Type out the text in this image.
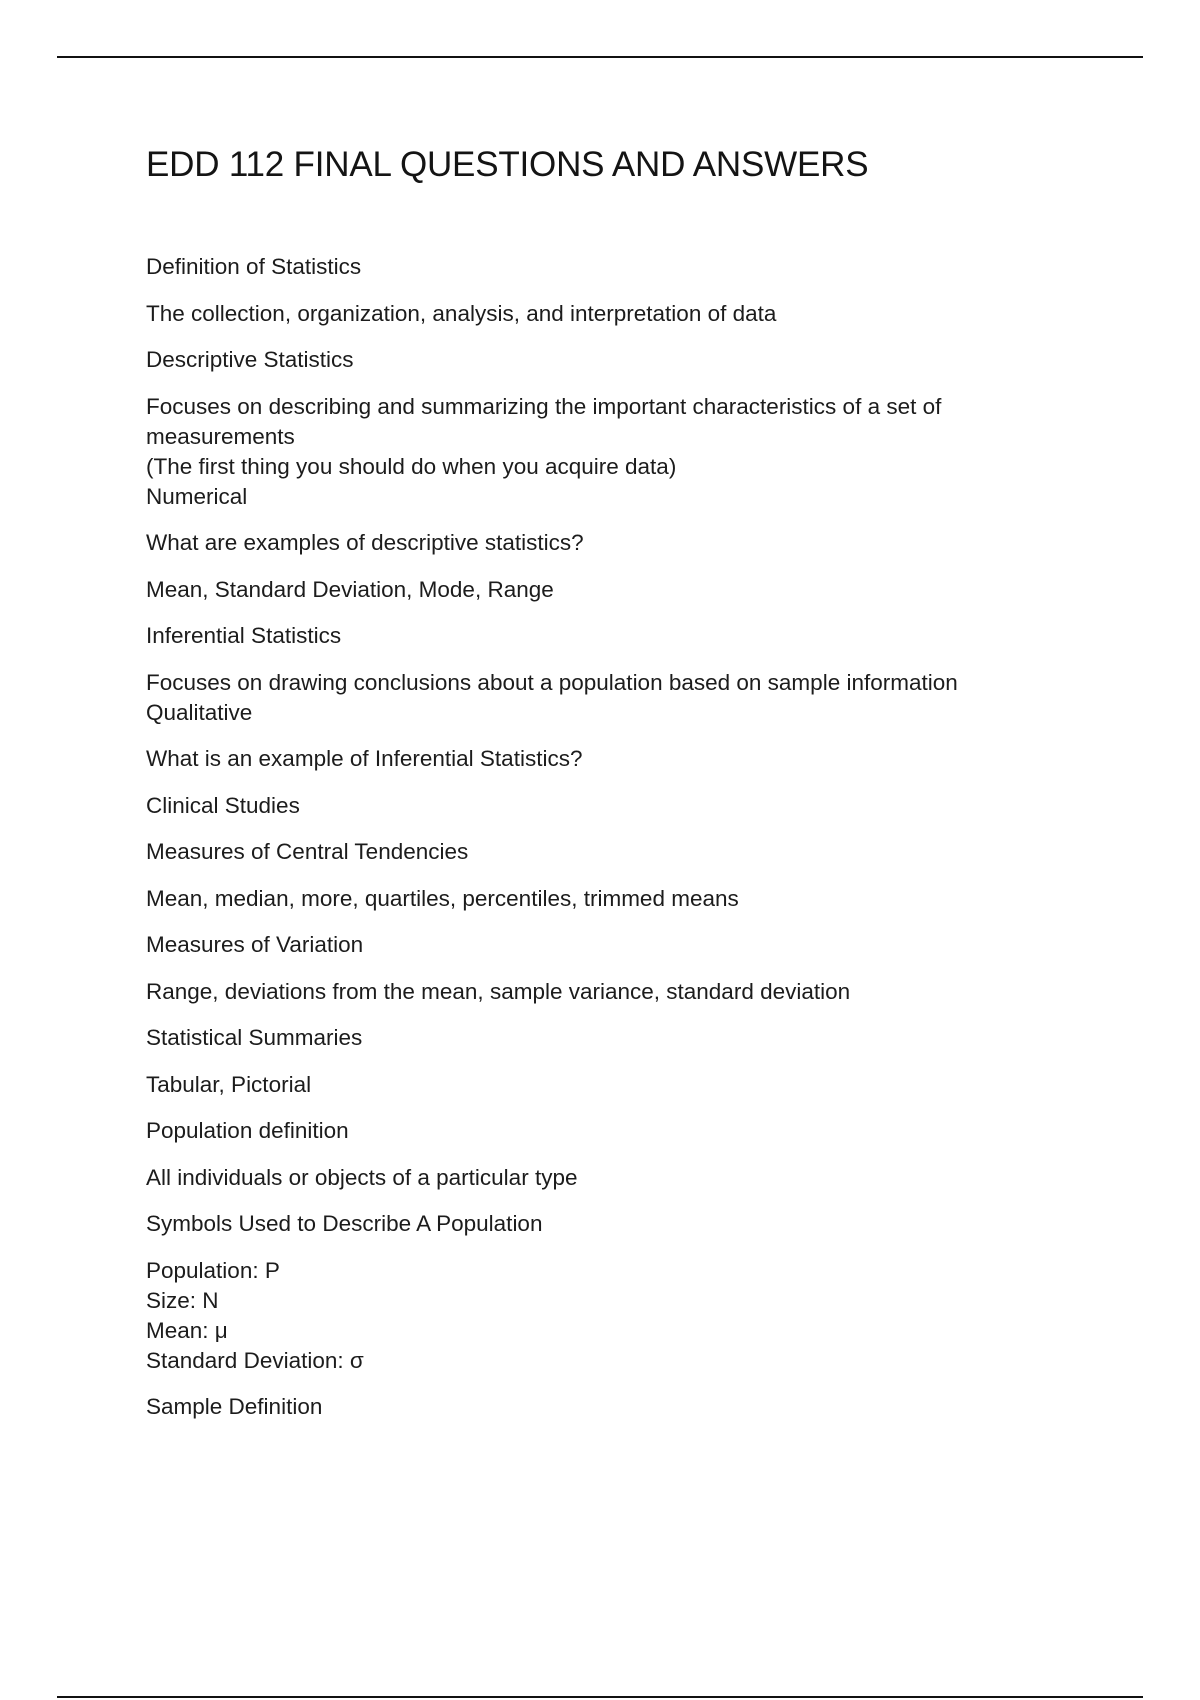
EDD 112 FINAL QUESTIONS AND ANSWERS
Definition of Statistics
The collection, organization, analysis, and interpretation of data
Descriptive Statistics
Focuses on describing and summarizing the important characteristics of a set of
measurements
(The first thing you should do when you acquire data)
Numerical
What are examples of descriptive statistics?
Mean, Standard Deviation, Mode, Range
Inferential Statistics
Focuses on drawing conclusions about a population based on sample information
Qualitative
What is an example of Inferential Statistics?
Clinical Studies
Measures of Central Tendencies
Mean, median, more, quartiles, percentiles, trimmed means
Measures of Variation
Range, deviations from the mean, sample variance, standard deviation
Statistical Summaries
Tabular, Pictorial
Population definition
All individuals or objects of a particular type
Symbols Used to Describe A Population
Population: P
Size: N
Mean: μ
Standard Deviation: σ
Sample Definition
